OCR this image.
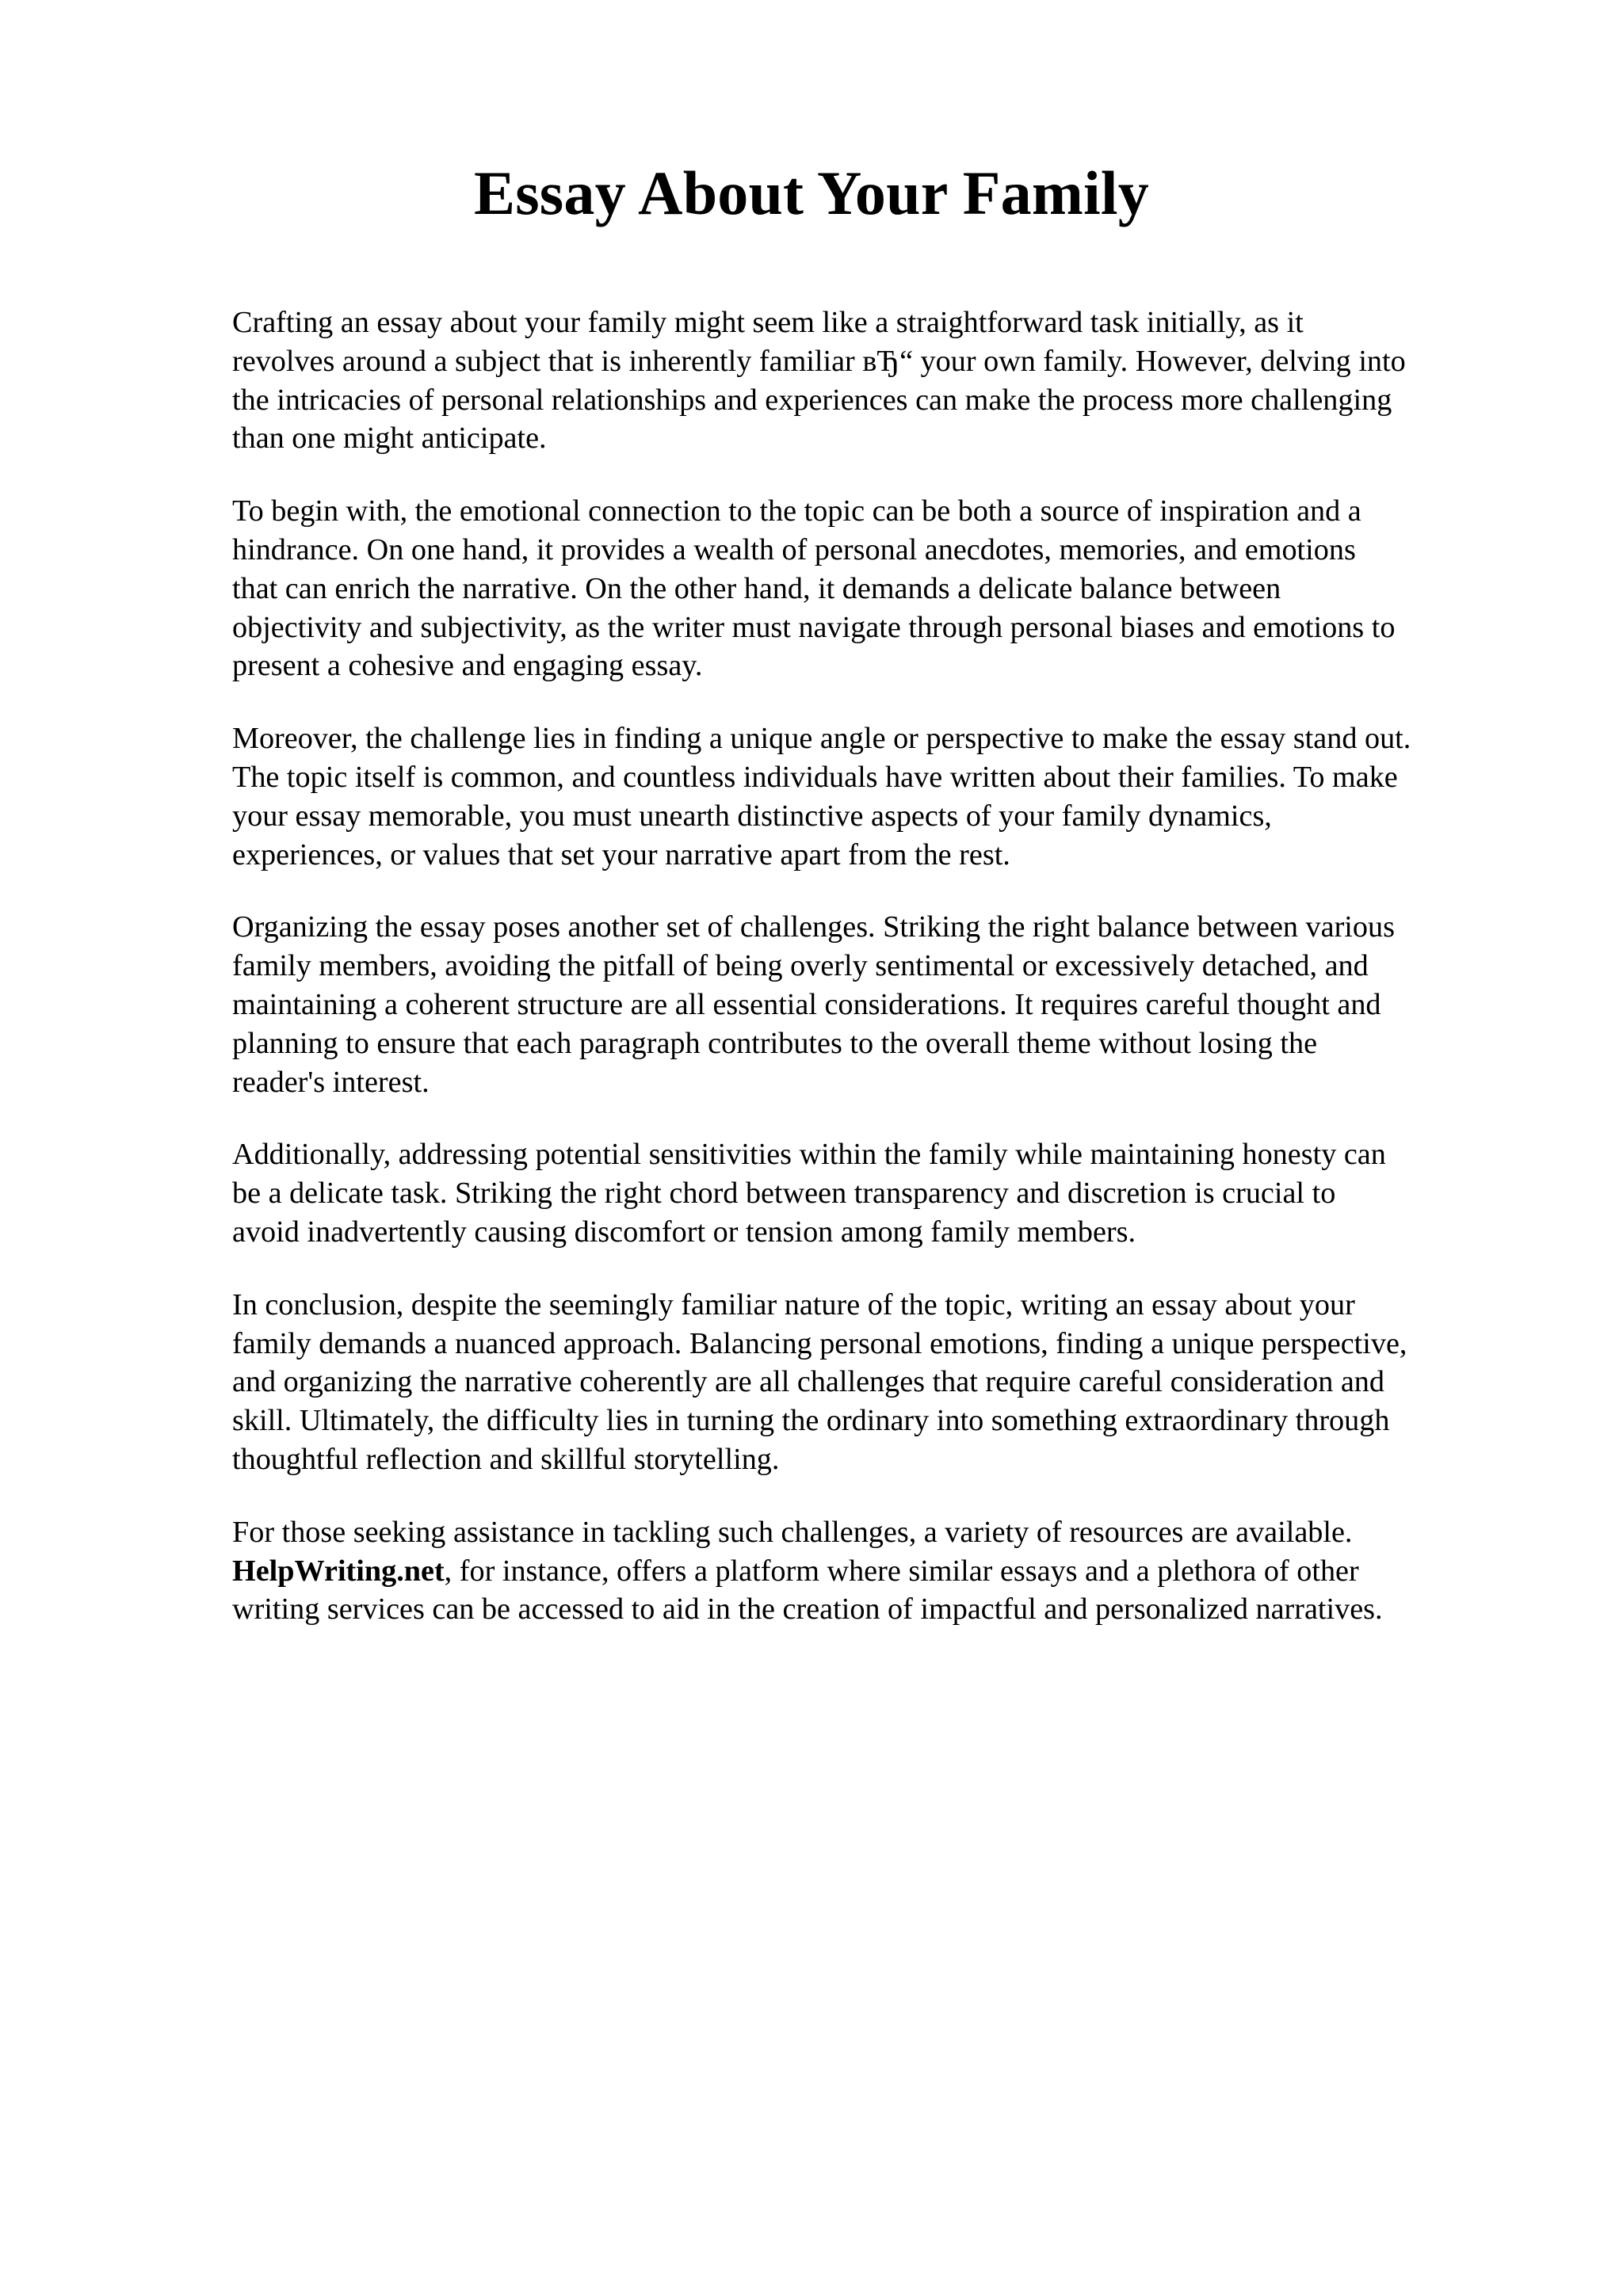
Essay About Your Family

Crafting an essay about your family might seem like a straightforward task initially, as it
revolves around a subject that is inherently familiar вЂ“ your own family. However, delving into
the intricacies of personal relationships and experiences can make the process more challenging
than one might anticipate.

To begin with, the emotional connection to the topic can be both a source of inspiration and a
hindrance. On one hand, it provides a wealth of personal anecdotes, memories, and emotions
that can enrich the narrative. On the other hand, it demands a delicate balance between
objectivity and subjectivity, as the writer must navigate through personal biases and emotions to
present a cohesive and engaging essay.

Moreover, the challenge lies in finding a unique angle or perspective to make the essay stand out.
The topic itself is common, and countless individuals have written about their families. To make
your essay memorable, you must unearth distinctive aspects of your family dynamics,
experiences, or values that set your narrative apart from the rest.

Organizing the essay poses another set of challenges. Striking the right balance between various
family members, avoiding the pitfall of being overly sentimental or excessively detached, and
maintaining a coherent structure are all essential considerations. It requires careful thought and
planning to ensure that each paragraph contributes to the overall theme without losing the
reader's interest.

Additionally, addressing potential sensitivities within the family while maintaining honesty can
be a delicate task. Striking the right chord between transparency and discretion is crucial to
avoid inadvertently causing discomfort or tension among family members.

In conclusion, despite the seemingly familiar nature of the topic, writing an essay about your
family demands a nuanced approach. Balancing personal emotions, finding a unique perspective,
and organizing the narrative coherently are all challenges that require careful consideration and
skill. Ultimately, the difficulty lies in turning the ordinary into something extraordinary through
thoughtful reflection and skillful storytelling.

For those seeking assistance in tackling such challenges, a variety of resources are available.
HelpWriting.net, for instance, offers a platform where similar essays and a plethora of other
writing services can be accessed to aid in the creation of impactful and personalized narratives.
